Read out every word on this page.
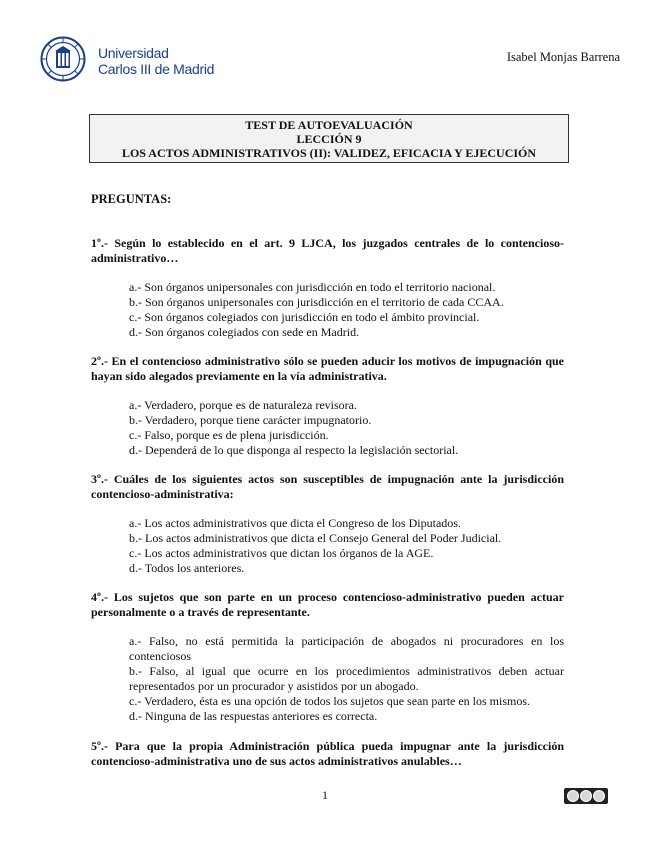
Universidad
Carlos III de Madrid
Isabel Monjas Barrena
TEST DE AUTOEVALUACIÓN
LECCIÓN 9
LOS ACTOS ADMINISTRATIVOS (II): VALIDEZ, EFICACIA Y EJECUCIÓN
PREGUNTAS:
1º.- Según lo establecido en el art. 9 LJCA, los juzgados centrales de lo contencioso-administrativo…
a.- Son órganos unipersonales con jurisdicción en todo el territorio nacional.
b.- Son órganos unipersonales con jurisdicción en el territorio de cada CCAA.
c.- Son órganos colegiados con jurisdicción en todo el ámbito provincial.
d.- Son órganos colegiados con sede en Madrid.
2º.- En el contencioso administrativo sólo se pueden aducir los motivos de impugnación que hayan sido alegados previamente en la vía administrativa.
a.- Verdadero, porque es de naturaleza revisora.
b.- Verdadero, porque tiene carácter impugnatorio.
c.- Falso, porque es de plena jurisdicción.
d.- Dependerá de lo que disponga al respecto la legislación sectorial.
3º.- Cuáles de los siguientes actos son susceptibles de impugnación ante la jurisdicción contencioso-administrativa:
a.- Los actos administrativos que dicta el Congreso de los Diputados.
b.- Los actos administrativos que dicta el Consejo General del Poder Judicial.
c.- Los actos administrativos que dictan los órganos de la AGE.
d.- Todos los anteriores.
4º.- Los sujetos que son parte en un proceso contencioso-administrativo pueden actuar personalmente o a través de representante.
a.- Falso, no está permitida la participación de abogados ni procuradores en los contenciosos
b.- Falso, al igual que ocurre en los procedimientos administrativos deben actuar representados por un procurador y asistidos por un abogado.
c.- Verdadero, ésta es una opción de todos los sujetos que sean parte en los mismos.
d.- Ninguna de las respuestas anteriores es correcta.
5º.- Para que la propia Administración pública pueda impugnar ante la jurisdicción contencioso-administrativa uno de sus actos administrativos anulables…
1
